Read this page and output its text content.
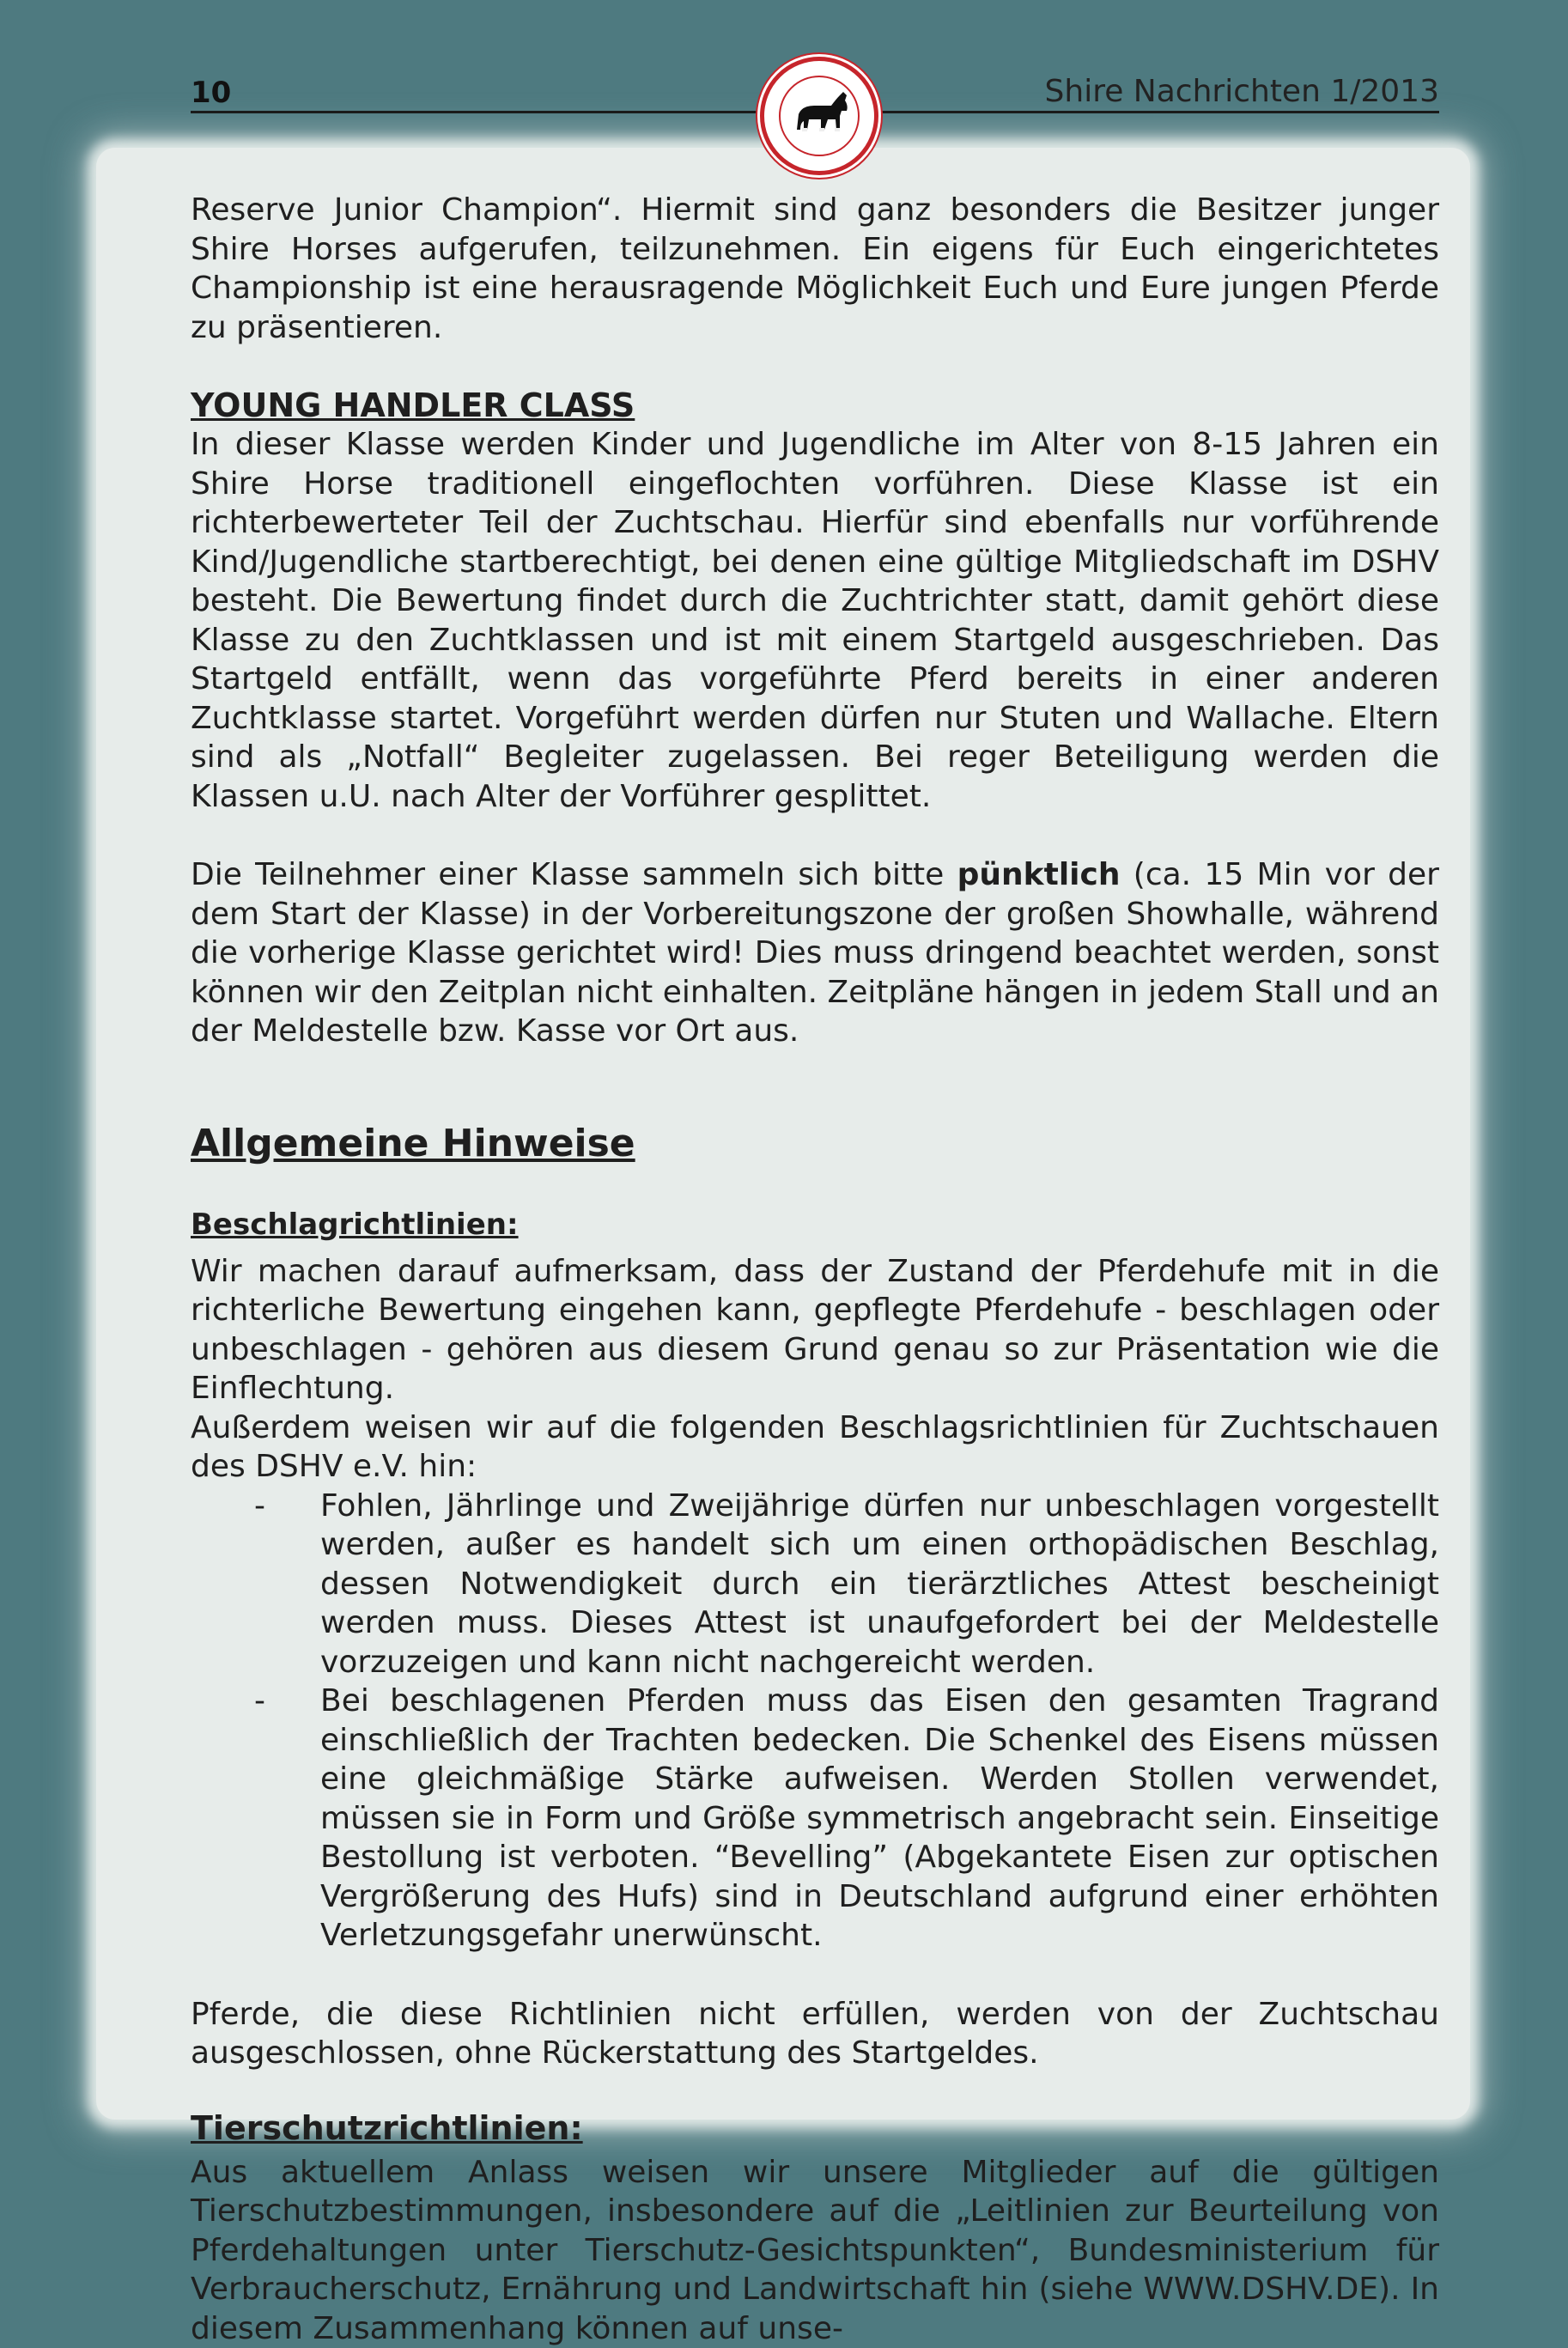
10	Shire Nachrichten 1/2013

Reserve Junior Champion“. Hiermit sind ganz besonders die Besitzer junger Shire Horses aufgerufen, teilzunehmen. Ein eigens für Euch eingerichtetes Championship ist eine herausragende Möglichkeit Euch und Eure jungen Pferde zu präsentieren.

YOUNG HANDLER CLASS

In dieser Klasse werden Kinder und Jugendliche im Alter von 8-15 Jahren ein Shire Horse traditionell eingeflochten vorführen. Diese Klasse ist ein richterbewerteter Teil der Zuchtschau. Hierfür sind ebenfalls nur vorführende Kind/Jugendliche startberechtigt, bei denen eine gültige Mitgliedschaft im DSHV besteht. Die Bewertung findet durch die Zuchtrichter statt, damit gehört diese Klasse zu den Zuchtklassen und ist mit einem Startgeld ausgeschrieben. Das Startgeld entfällt, wenn das vorgeführte Pferd bereits in einer anderen Zuchtklasse startet. Vorgeführt werden dürfen nur Stuten und Wallache. Eltern sind als „Notfall“ Begleiter zugelassen. Bei reger Beteiligung werden die Klassen u.U. nach Alter der Vorführer gesplittet.

Die Teilnehmer einer Klasse sammeln sich bitte pünktlich (ca. 15 Min vor der dem Start der Klasse) in der Vorbereitungszone der großen Showhalle, während die vorherige Klasse gerichtet wird! Dies muss dringend beachtet werden, sonst können wir den Zeitplan nicht einhalten. Zeitpläne hängen in jedem Stall und an der Meldestelle bzw. Kasse vor Ort aus.

Allgemeine Hinweise

Beschlagrichtlinien:

Wir machen darauf aufmerksam, dass der Zustand der Pferdehufe mit in die richterliche Bewertung eingehen kann, gepflegte Pferdehufe - beschlagen oder unbeschlagen - gehören aus diesem Grund genau so zur Präsentation wie die Einflechtung.

Außerdem weisen wir auf die folgenden Beschlagsrichtlinien für Zuchtschauen des DSHV e.V. hin:

- Fohlen, Jährlinge und Zweijährige dürfen nur unbeschlagen vorgestellt werden, außer es handelt sich um einen orthopädischen Beschlag, dessen Notwendigkeit durch ein tierärztliches Attest bescheinigt werden muss. Dieses Attest ist unaufgefordert bei der Meldestelle vorzuzeigen und kann nicht nachgereicht werden.
- Bei beschlagenen Pferden muss das Eisen den gesamten Tragrand einschließlich der Trachten bedecken. Die Schenkel des Eisens müssen eine gleichmäßige Stärke aufweisen. Werden Stollen verwendet, müssen sie in Form und Größe symmetrisch angebracht sein. Einseitige Bestollung ist verboten. “Bevelling” (Abgekantete Eisen zur optischen Vergrößerung des Hufs) sind in Deutschland aufgrund einer erhöhten Verletzungsgefahr unerwünscht.

Pferde, die diese Richtlinien nicht erfüllen, werden von der Zuchtschau ausgeschlossen, ohne Rückerstattung des Startgeldes.

Tierschutzrichtlinien:

Aus aktuellem Anlass weisen wir unsere Mitglieder auf die gültigen Tierschutzbestimmungen, insbesondere auf die „Leitlinien zur Beurteilung von Pferdehaltungen unter Tierschutz-Gesichtspunkten“, Bundesministerium für Verbraucherschutz, Ernährung und Landwirtschaft hin (siehe WWW.DSHV.DE). In diesem Zusammenhang können auf unse-
